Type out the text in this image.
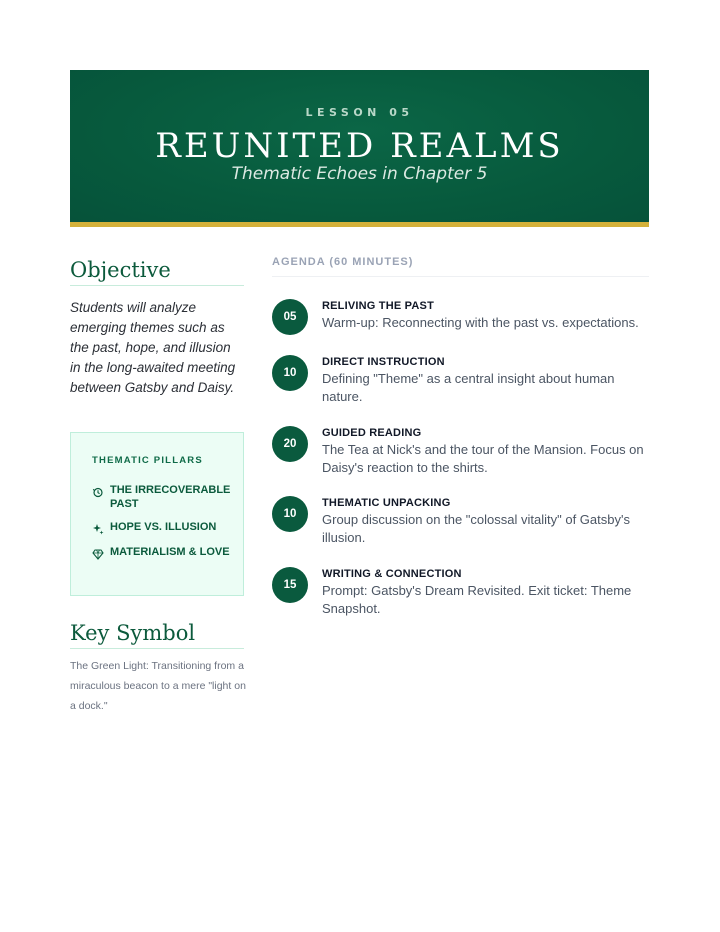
LESSON 05
REUNITED REALMS
Thematic Echoes in Chapter 5
Objective
Students will analyze emerging themes such as the past, hope, and illusion in the long-awaited meeting between Gatsby and Daisy.
THEMATIC PILLARS
THE IRRECOVERABLE PAST
HOPE VS. ILLUSION
MATERIALISM & LOVE
Key Symbol
The Green Light: Transitioning from a miraculous beacon to a mere "light on a dock."
AGENDA (60 MINUTES)
05
RELIVING THE PAST
Warm-up: Reconnecting with the past vs. expectations.
10
DIRECT INSTRUCTION
Defining "Theme" as a central insight about human nature.
20
GUIDED READING
The Tea at Nick's and the tour of the Mansion. Focus on Daisy's reaction to the shirts.
10
THEMATIC UNPACKING
Group discussion on the "colossal vitality" of Gatsby's illusion.
15
WRITING & CONNECTION
Prompt: Gatsby's Dream Revisited. Exit ticket: Theme Snapshot.
